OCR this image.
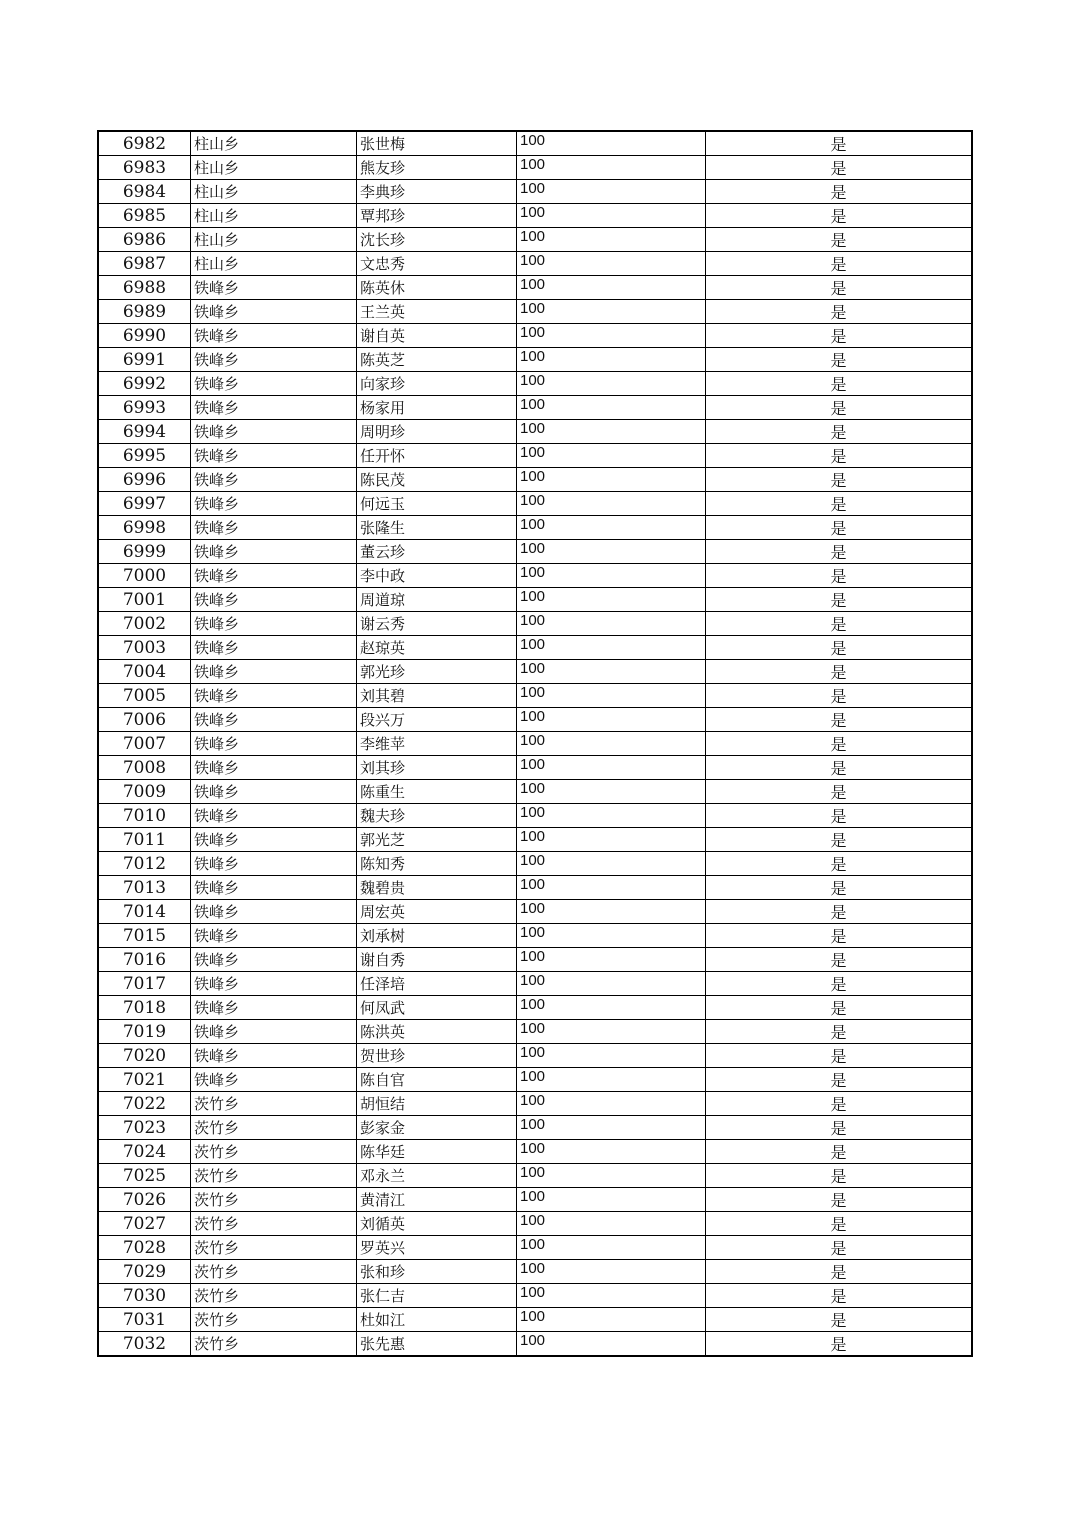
6982	柱山乡	张世梅	100	是
6983	柱山乡	熊友珍	100	是
6984	柱山乡	李典珍	100	是
6985	柱山乡	覃邦珍	100	是
6986	柱山乡	沈长珍	100	是
6987	柱山乡	文忠秀	100	是
6988	铁峰乡	陈英休	100	是
6989	铁峰乡	王兰英	100	是
6990	铁峰乡	谢自英	100	是
6991	铁峰乡	陈英芝	100	是
6992	铁峰乡	向家珍	100	是
6993	铁峰乡	杨家用	100	是
6994	铁峰乡	周明珍	100	是
6995	铁峰乡	任开怀	100	是
6996	铁峰乡	陈民茂	100	是
6997	铁峰乡	何远玉	100	是
6998	铁峰乡	张隆生	100	是
6999	铁峰乡	董云珍	100	是
7000	铁峰乡	李中政	100	是
7001	铁峰乡	周道琼	100	是
7002	铁峰乡	谢云秀	100	是
7003	铁峰乡	赵琼英	100	是
7004	铁峰乡	郭光珍	100	是
7005	铁峰乡	刘其碧	100	是
7006	铁峰乡	段兴万	100	是
7007	铁峰乡	李维苹	100	是
7008	铁峰乡	刘其珍	100	是
7009	铁峰乡	陈重生	100	是
7010	铁峰乡	魏夫珍	100	是
7011	铁峰乡	郭光芝	100	是
7012	铁峰乡	陈知秀	100	是
7013	铁峰乡	魏碧贵	100	是
7014	铁峰乡	周宏英	100	是
7015	铁峰乡	刘承树	100	是
7016	铁峰乡	谢自秀	100	是
7017	铁峰乡	任泽培	100	是
7018	铁峰乡	何凤武	100	是
7019	铁峰乡	陈洪英	100	是
7020	铁峰乡	贺世珍	100	是
7021	铁峰乡	陈自官	100	是
7022	茨竹乡	胡恒结	100	是
7023	茨竹乡	彭家金	100	是
7024	茨竹乡	陈华廷	100	是
7025	茨竹乡	邓永兰	100	是
7026	茨竹乡	黄清江	100	是
7027	茨竹乡	刘循英	100	是
7028	茨竹乡	罗英兴	100	是
7029	茨竹乡	张和珍	100	是
7030	茨竹乡	张仁吉	100	是
7031	茨竹乡	杜如江	100	是
7032	茨竹乡	张先惠	100	是
